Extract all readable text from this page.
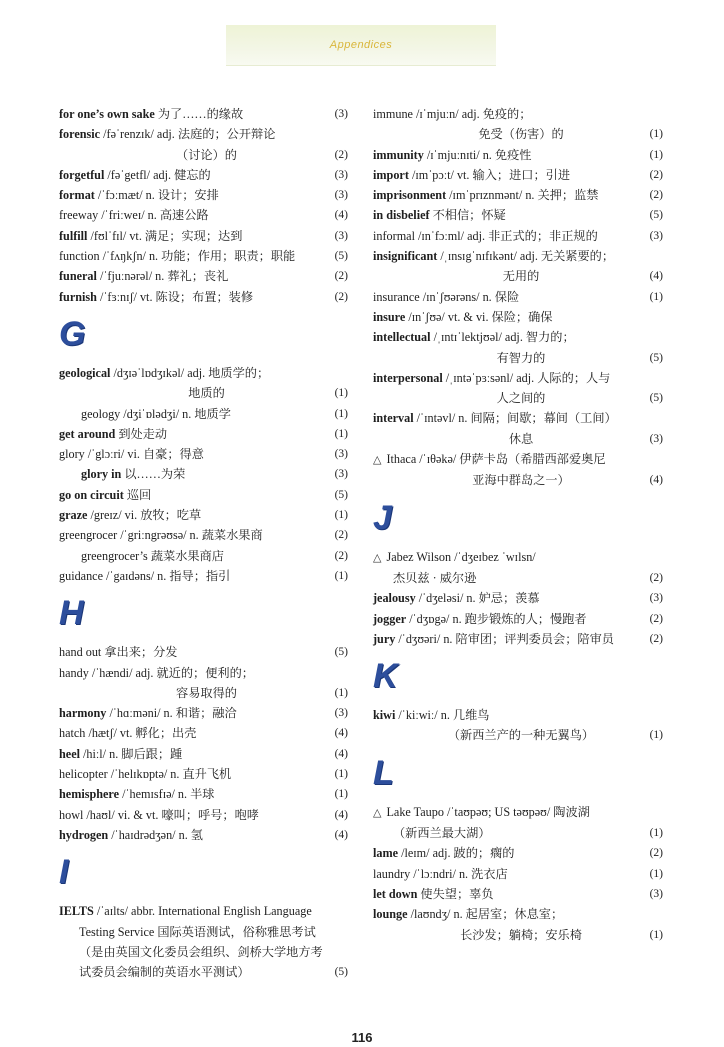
Appendices
for one’s own sake 为了……的缘故	(3)
forensic /fəˈrenzɪk/ adj. 法庭的；公开辩论
（讨论）的	(2)
forgetful /fəˈgetfl/ adj. 健忘的	(3)
format /ˈfɔːmæt/ n. 设计；安排	(3)
freeway /ˈfriːweɪ/ n. 高速公路	(4)
fulfill /fʊlˈfɪl/ vt. 满足；实现；达到	(3)
function /ˈfʌŋkʃn/ n. 功能；作用；职责；职能	(5)
funeral /ˈfjuːnərəl/ n. 葬礼；丧礼	(2)
furnish /ˈfɜːnɪʃ/ vt. 陈设；布置；装修	(2)
G
geological /dʒɪəˈlɒdʒɪkəl/ adj. 地质学的；
地质的	(1)
geology /dʒiˈɒlədʒi/ n. 地质学	(1)
get around 到处走动	(1)
glory /ˈglɔːri/ vi. 自豪；得意	(3)
glory in 以……为荣	(3)
go on circuit 巡回	(5)
graze /greɪz/ vi. 放牧；吃草	(1)
greengrocer /ˈgriːngrəʊsə/ n. 蔬菜水果商	(2)
greengrocer’s 蔬菜水果商店	(2)
guidance /ˈgaɪdəns/ n. 指导；指引	(1)
H
hand out 拿出来；分发	(5)
handy /ˈhændi/ adj. 就近的；便利的；
容易取得的	(1)
harmony /ˈhɑːməni/ n. 和谐；融洽	(3)
hatch /hætʃ/ vt. 孵化；出壳	(4)
heel /hiːl/ n. 脚后跟；踵	(4)
helicopter /ˈhelɪkɒptə/ n. 直升飞机	(1)
hemisphere /ˈhemɪsfɪə/ n. 半球	(1)
howl /haʊl/ vi. & vt. 嚎叫；呼号；咆哮	(4)
hydrogen /ˈhaɪdrədʒən/ n. 氢	(4)
I
IELTS /ˈaɪlts/ abbr. International English Language
Testing Service 国际英语测试，俗称雅思考试
（是由英国文化委员会组织、剑桥大学地方考
试委员会编制的英语水平测试）	(5)
immune /ɪˈmjuːn/ adj. 免疫的；
免受（伤害）的	(1)
immunity /ɪˈmjuːnɪti/ n. 免疫性	(1)
import /ɪmˈpɔːt/ vt. 输入；进口；引进	(2)
imprisonment /ɪmˈprɪznmənt/ n. 关押；监禁	(2)
in disbelief 不相信；怀疑	(5)
informal /ɪnˈfɔːml/ adj. 非正式的；非正规的	(3)
insignificant /ˌɪnsɪgˈnɪfɪkənt/ adj. 无关紧要的；
无用的	(4)
insurance /ɪnˈʃʊərəns/ n. 保险	(1)
insure /ɪnˈʃʊə/ vt. & vi. 保险；确保
intellectual /ˌɪntɪˈlektjʊəl/ adj. 智力的；
有智力的	(5)
interpersonal /ˌɪntəˈpɜːsənl/ adj. 人际的；人与
人之间的	(5)
interval /ˈɪntəvl/ n. 间隔；间歇；幕间（工间）
休息	(3)
△ Ithaca /ˈɪθəkə/ 伊萨卡岛（希腊西部爱奥尼
亚海中群岛之一）	(4)
J
△ Jabez Wilson /ˈdʒeɪbez ˈwɪlsn/
杰贝兹 · 威尔逊	(2)
jealousy /ˈdʒeləsi/ n. 妒忌；羡慕	(3)
jogger /ˈdʒɒgə/ n. 跑步锻炼的人；慢跑者	(2)
jury /ˈdʒʊəri/ n. 陪审团；评判委员会；陪审员	(2)
K
kiwi /ˈkiːwiː/ n. 几维鸟
（新西兰产的一种无翼鸟）	(1)
L
△ Lake Taupo /ˈtaʊpəʊ; US təʊpəʊ/ 陶波湖
（新西兰最大湖）	(1)
lame /leɪm/ adj. 跛的；瘸的	(2)
laundry /ˈlɔːndri/ n. 洗衣店	(1)
let down 使失望；辜负	(3)
lounge /laʊndʒ/ n. 起居室；休息室；
长沙发；躺椅；安乐椅	(1)
116
